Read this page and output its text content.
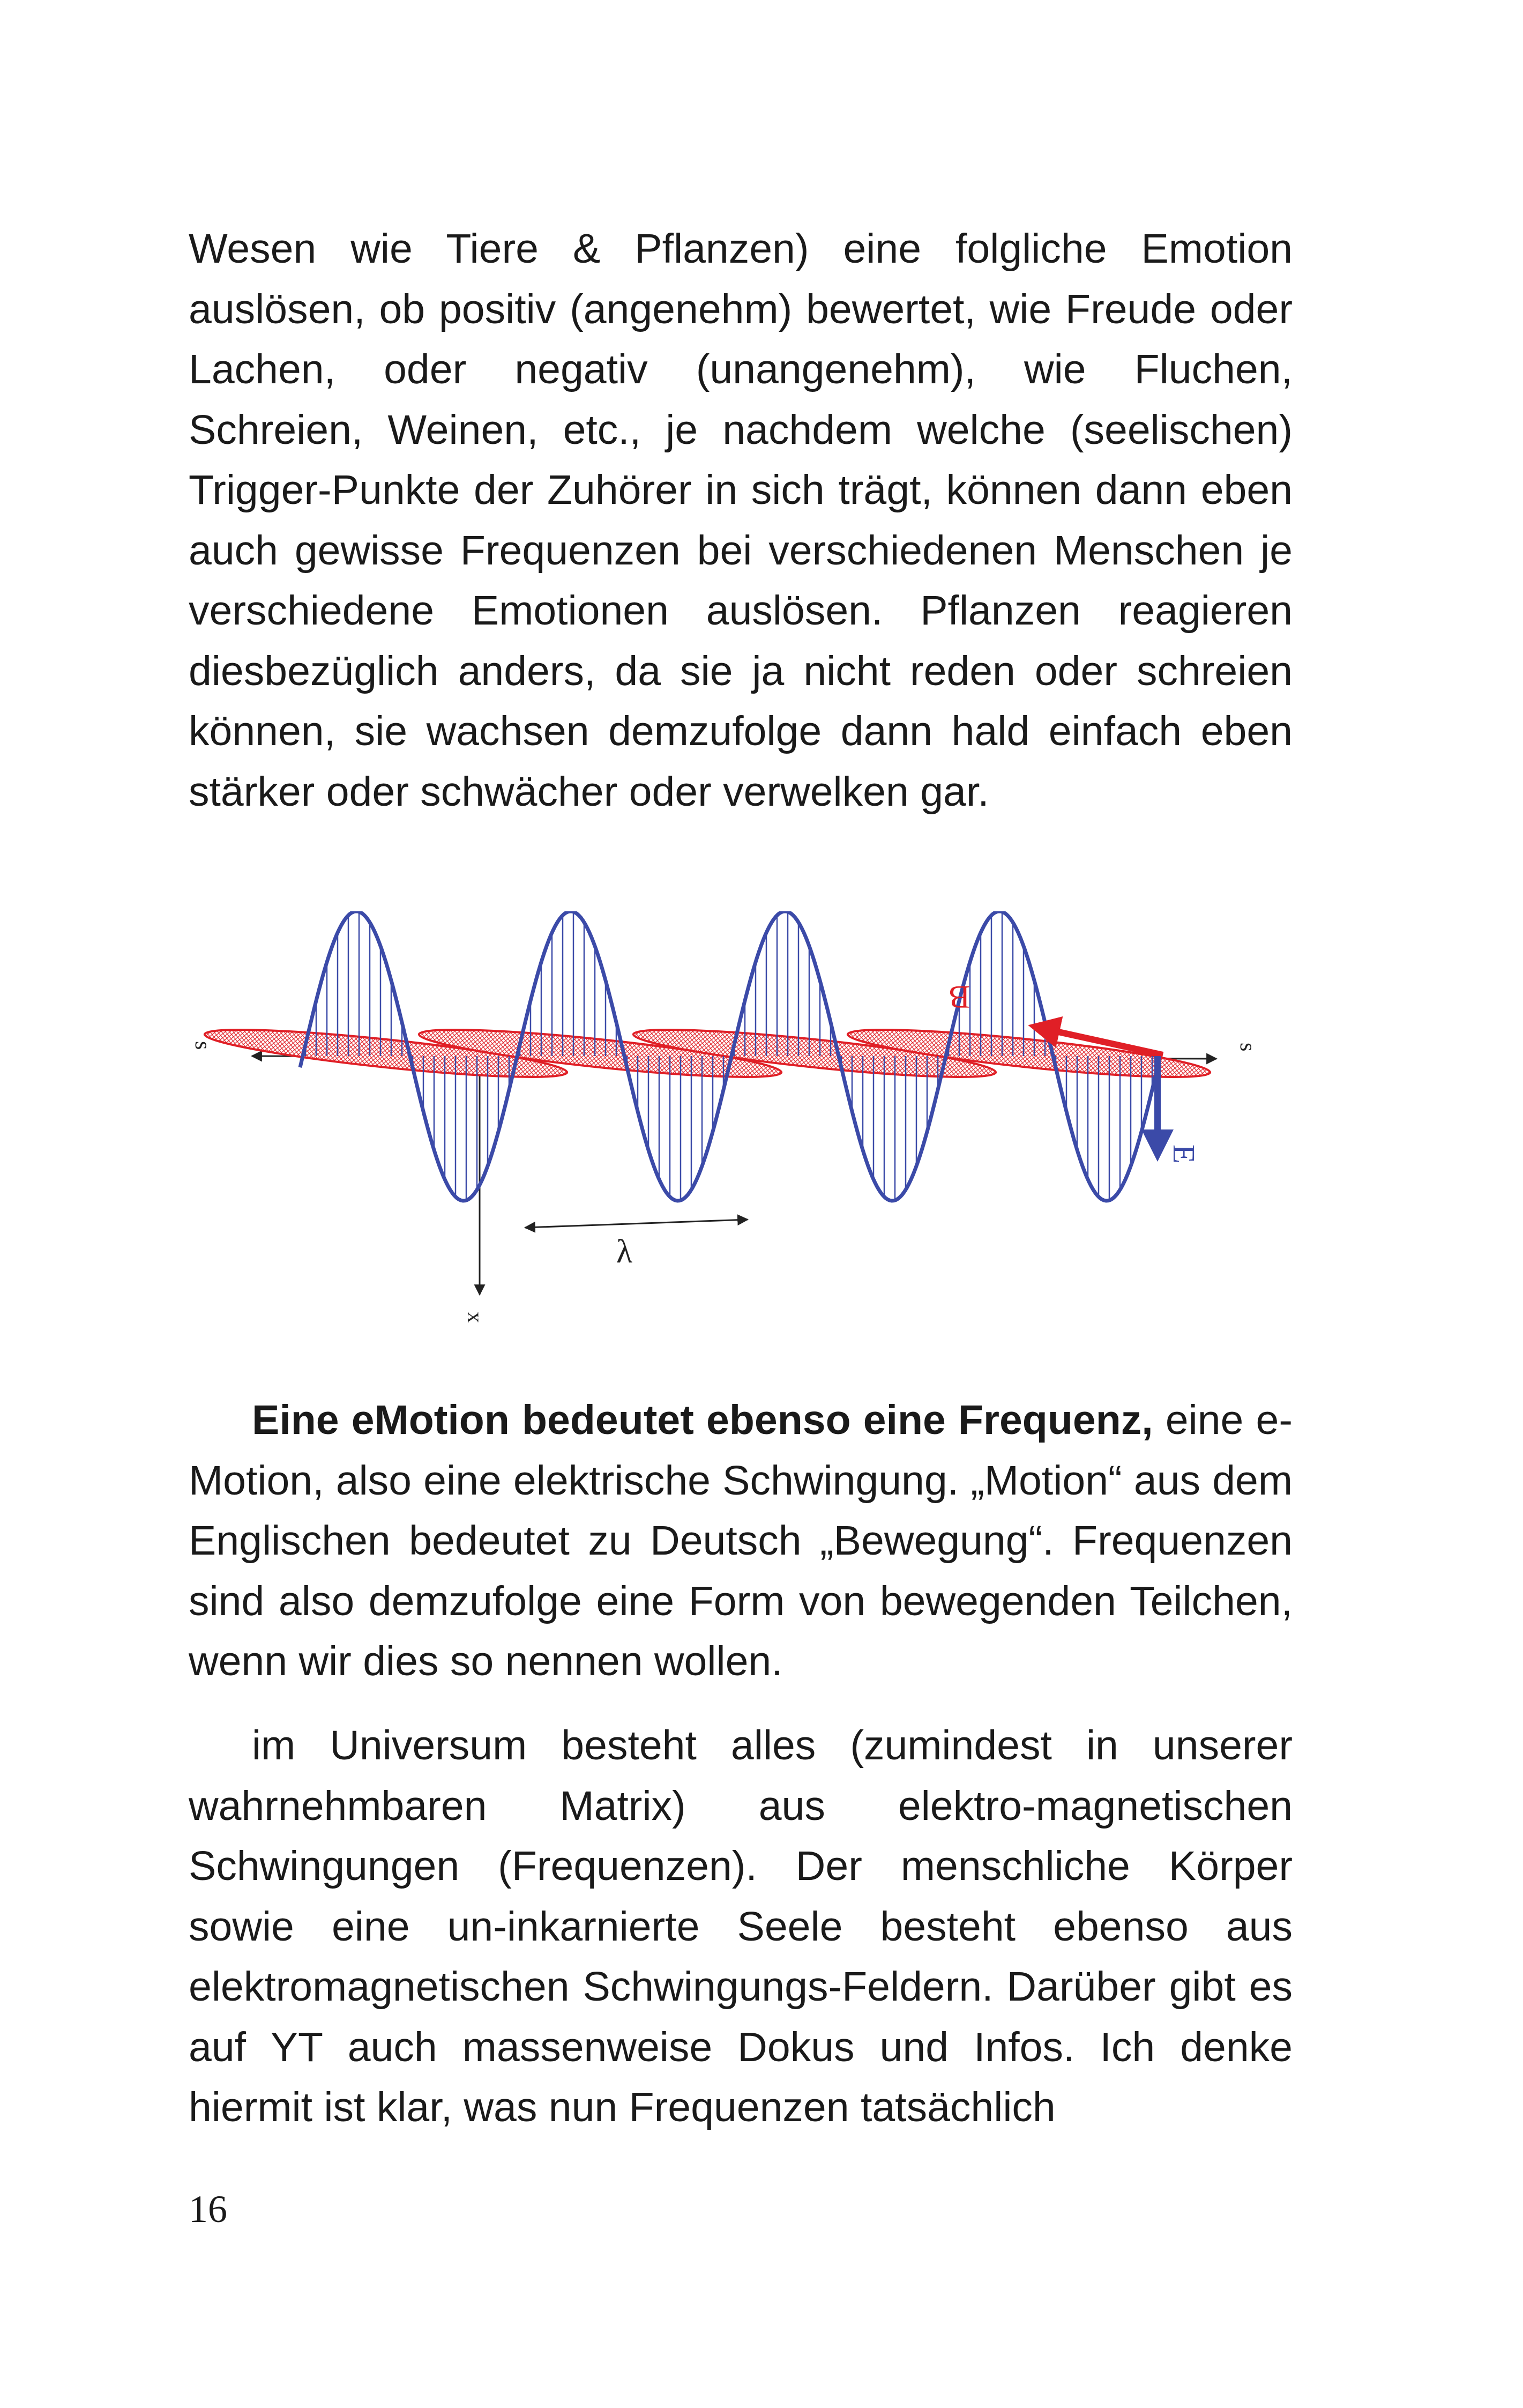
Wesen wie Tiere & Pflanzen) eine folgliche Emotion auslösen, ob positiv (angenehm) bewertet, wie Freude oder Lachen, oder negativ (unangenehm), wie Fluchen, Schreien, Weinen, etc., je nachdem welche (seelischen) Trigger-Punkte der Zuhörer in sich trägt, können dann eben auch gewisse Frequenzen bei verschiedenen Menschen je verschiedene Emotionen auslösen. Pflanzen reagieren diesbezüglich anders, da sie ja nicht reden oder schreien können, sie wachsen demzufolge dann hald einfach eben stärker oder schwächer oder verwelken gar.

B
E
λ
s	s
x

Eine eMotion bedeutet ebenso eine Frequenz, eine e-Motion, also eine elektrische Schwingung. „Motion“ aus dem Englischen bedeutet zu Deutsch „Bewegung“. Frequenzen sind also demzufolge eine Form von bewegenden Teilchen, wenn wir dies so nennen wollen.

im Universum besteht alles (zumindest in unserer wahrnehmbaren Matrix) aus elektro-magnetischen Schwingungen (Frequenzen). Der menschliche Körper sowie eine un-inkarnierte Seele besteht ebenso aus elektromagnetischen Schwingungs-Feldern. Darüber gibt es auf YT auch massenweise Dokus und Infos. Ich denke hiermit ist klar, was nun Frequenzen tatsächlich

16
